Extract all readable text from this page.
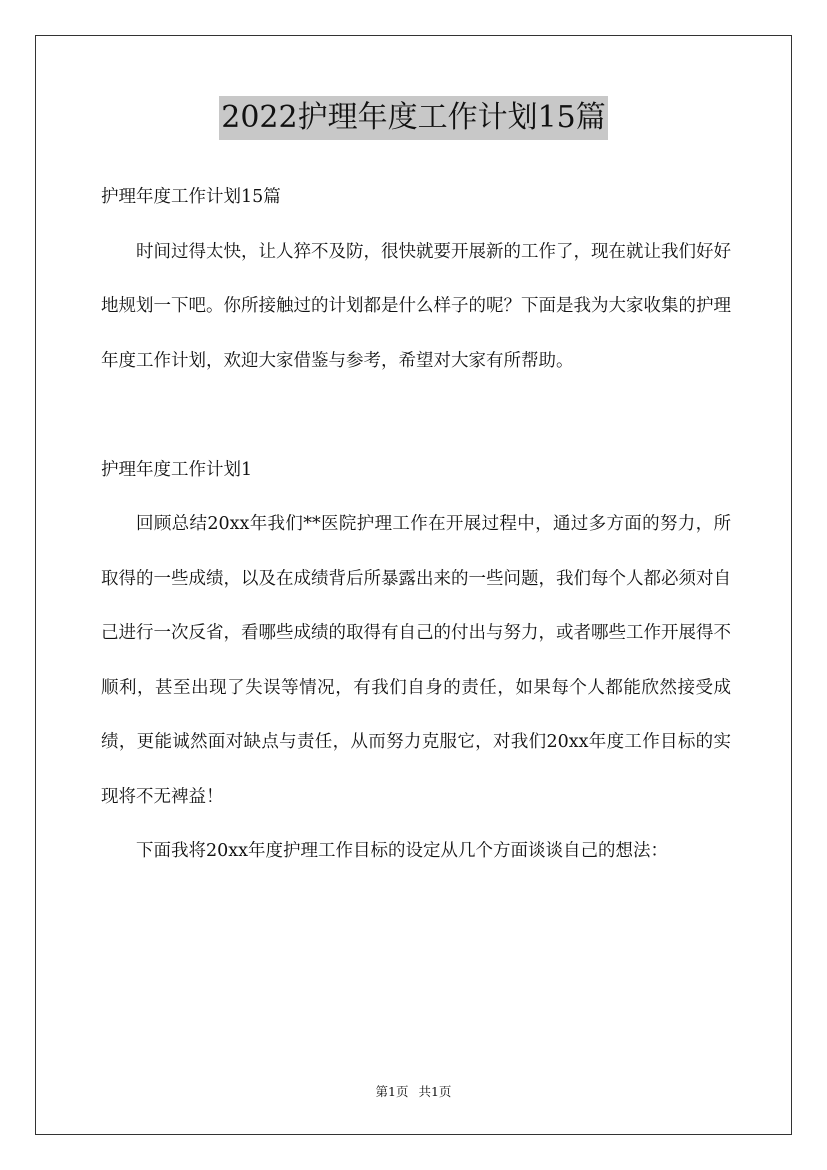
2022护理年度工作计划15篇

护理年度工作计划15篇

时间过得太快，让人猝不及防，很快就要开展新的工作了，现在就让我们好好地规划一下吧。你所接触过的计划都是什么样子的呢？下面是我为大家收集的护理年度工作计划，欢迎大家借鉴与参考，希望对大家有所帮助。

护理年度工作计划1

回顾总结20xx年我们**医院护理工作在开展过程中，通过多方面的努力，所取得的一些成绩，以及在成绩背后所暴露出来的一些问题，我们每个人都必须对自己进行一次反省，看哪些成绩的取得有自己的付出与努力，或者哪些工作开展得不顺利，甚至出现了失误等情况，有我们自身的责任，如果每个人都能欣然接受成绩，更能诚然面对缺点与责任，从而努力克服它，对我们20xx年度工作目标的实现将不无裨益！

下面我将20xx年度护理工作目标的设定从几个方面谈谈自己的想法：

第1页 共1页
